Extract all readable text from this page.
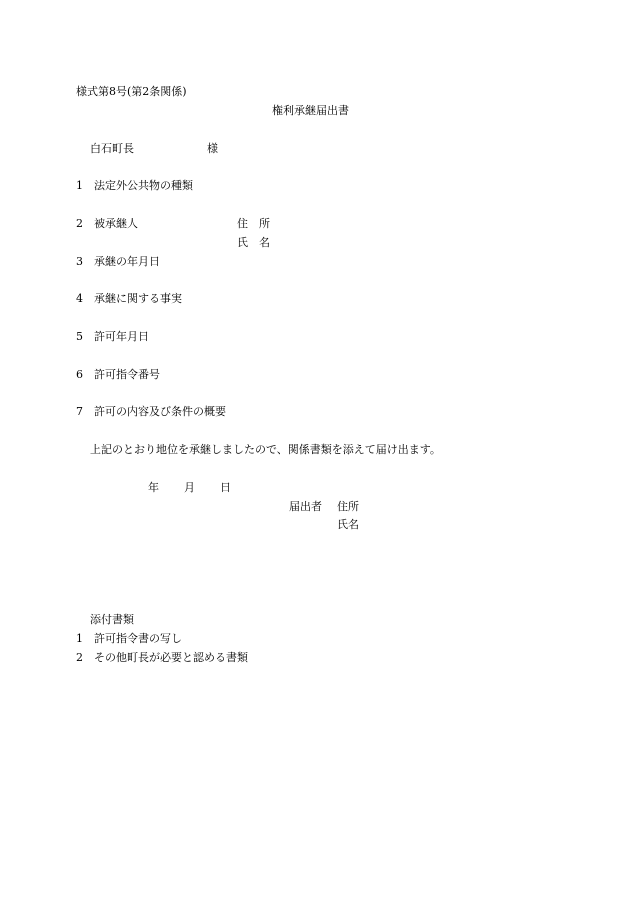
様式第8号(第2条関係)
権利承継届出書
白石町長	様
1　法定外公共物の種類
2　被承継人	住　所
氏　名
3　承継の年月日
4　承継に関する事実
5　許可年月日
6　許可指令番号
7　許可の内容及び条件の概要
上記のとおり地位を承継しましたので、関係書類を添えて届け出ます。
年 月 日
届出者 住所
氏名
添付書類
1　許可指令書の写し
2　その他町長が必要と認める書類
